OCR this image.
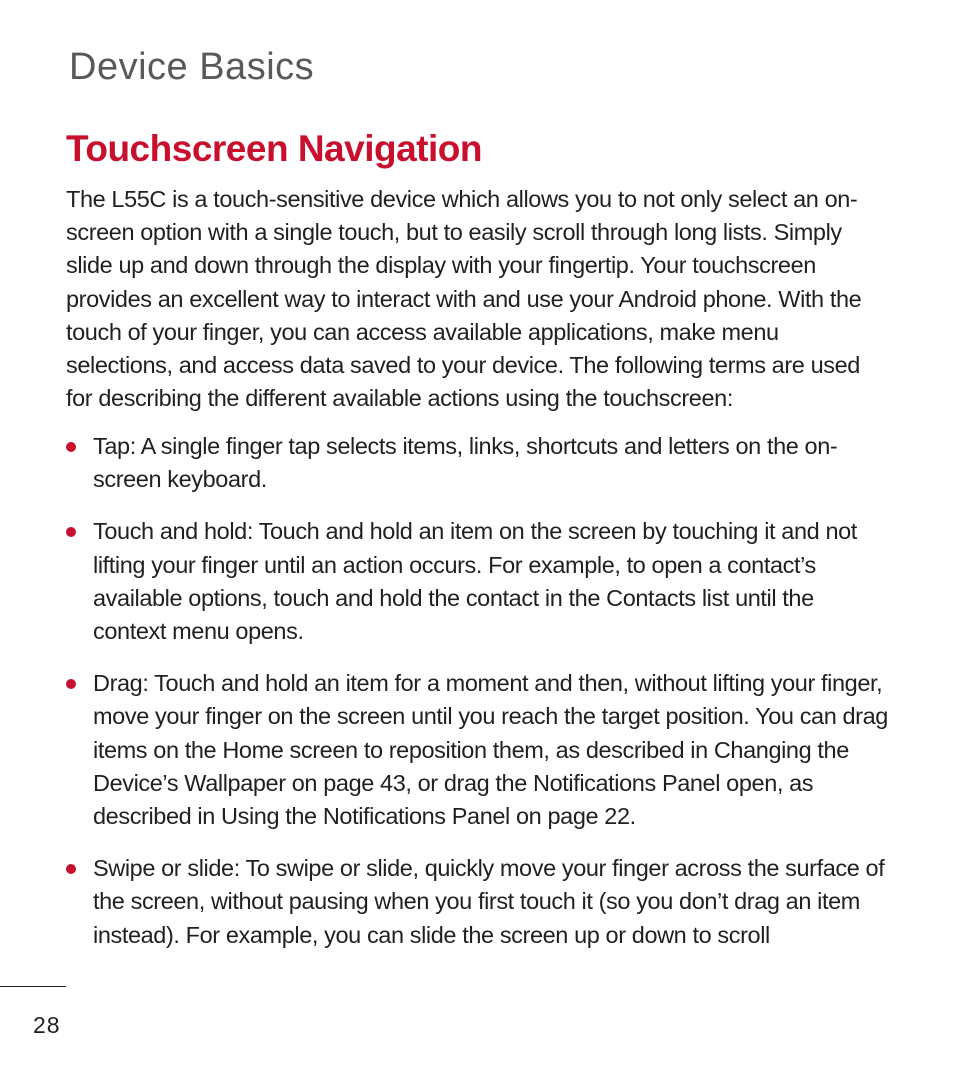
Device Basics
Touchscreen Navigation

The L55C is a touch-sensitive device which allows you to not only select an on-screen option with a single touch, but to easily scroll through long lists. Simply slide up and down through the display with your fingertip. Your touchscreen provides an excellent way to interact with and use your Android phone. With the touch of your finger, you can access available applications, make menu selections, and access data saved to your device. The following terms are used for describing the different available actions using the touchscreen:

Tap: A single finger tap selects items, links, shortcuts and letters on the on-screen keyboard.
Touch and hold: Touch and hold an item on the screen by touching it and not lifting your finger until an action occurs. For example, to open a contact’s available options, touch and hold the contact in the Contacts list until the context menu opens.
Drag: Touch and hold an item for a moment and then, without lifting your finger, move your finger on the screen until you reach the target position. You can drag items on the Home screen to reposition them, as described in Changing the Device’s Wallpaper on page 43, or drag the Notifications Panel open, as described in Using the Notifications Panel on page 22.
Swipe or slide: To swipe or slide, quickly move your finger across the surface of the screen, without pausing when you first touch it (so you don’t drag an item instead). For example, you can slide the screen up or down to scroll
28
